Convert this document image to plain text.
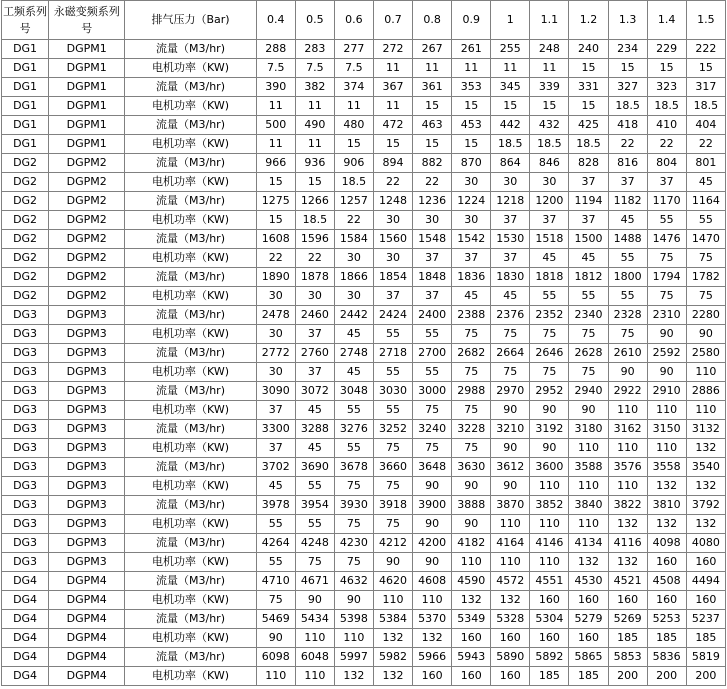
工频系列号	永磁变频系列号	排气压力（Bar)	0.4	0.5	0.6	0.7	0.8	0.9	1	1.1	1.2	1.3	1.4	1.5
DG1	DGPM1	流量（M3/hr)	288	283	277	272	267	261	255	248	240	234	229	222
DG1	DGPM1	电机功率（KW)	7.5	7.5	7.5	11	11	11	11	11	15	15	15	15
DG1	DGPM1	流量（M3/hr)	390	382	374	367	361	353	345	339	331	327	323	317
DG1	DGPM1	电机功率（KW)	11	11	11	11	15	15	15	15	15	18.5	18.5	18.5
DG1	DGPM1	流量（M3/hr)	500	490	480	472	463	453	442	432	425	418	410	404
DG1	DGPM1	电机功率（KW)	11	11	15	15	15	15	18.5	18.5	18.5	22	22	22
DG2	DGPM2	流量（M3/hr)	966	936	906	894	882	870	864	846	828	816	804	801
DG2	DGPM2	电机功率（KW)	15	15	18.5	22	22	30	30	30	37	37	37	45
DG2	DGPM2	流量（M3/hr)	1275	1266	1257	1248	1236	1224	1218	1200	1194	1182	1170	1164
DG2	DGPM2	电机功率（KW)	15	18.5	22	30	30	30	37	37	37	45	55	55
DG2	DGPM2	流量（M3/hr)	1608	1596	1584	1560	1548	1542	1530	1518	1500	1488	1476	1470
DG2	DGPM2	电机功率（KW)	22	22	30	30	37	37	37	45	45	55	75	75
DG2	DGPM2	流量（M3/hr)	1890	1878	1866	1854	1848	1836	1830	1818	1812	1800	1794	1782
DG2	DGPM2	电机功率（KW)	30	30	30	37	37	45	45	55	55	55	75	75
DG3	DGPM3	流量（M3/hr)	2478	2460	2442	2424	2400	2388	2376	2352	2340	2328	2310	2280
DG3	DGPM3	电机功率（KW)	30	37	45	55	55	75	75	75	75	75	90	90
DG3	DGPM3	流量（M3/hr)	2772	2760	2748	2718	2700	2682	2664	2646	2628	2610	2592	2580
DG3	DGPM3	电机功率（KW)	30	37	45	55	55	75	75	75	75	90	90	110
DG3	DGPM3	流量（M3/hr)	3090	3072	3048	3030	3000	2988	2970	2952	2940	2922	2910	2886
DG3	DGPM3	电机功率（KW)	37	45	55	55	75	75	90	90	90	110	110	110
DG3	DGPM3	流量（M3/hr)	3300	3288	3276	3252	3240	3228	3210	3192	3180	3162	3150	3132
DG3	DGPM3	电机功率（KW)	37	45	55	75	75	75	90	90	110	110	110	132
DG3	DGPM3	流量（M3/hr)	3702	3690	3678	3660	3648	3630	3612	3600	3588	3576	3558	3540
DG3	DGPM3	电机功率（KW)	45	55	75	75	90	90	90	110	110	110	132	132
DG3	DGPM3	流量（M3/hr)	3978	3954	3930	3918	3900	3888	3870	3852	3840	3822	3810	3792
DG3	DGPM3	电机功率（KW)	55	55	75	75	90	90	110	110	110	132	132	132
DG3	DGPM3	流量（M3/hr)	4264	4248	4230	4212	4200	4182	4164	4146	4134	4116	4098	4080
DG3	DGPM3	电机功率（KW)	55	75	75	90	90	110	110	110	132	132	160	160
DG4	DGPM4	流量（M3/hr)	4710	4671	4632	4620	4608	4590	4572	4551	4530	4521	4508	4494
DG4	DGPM4	电机功率（KW)	75	90	90	110	110	132	132	160	160	160	160	160
DG4	DGPM4	流量（M3/hr)	5469	5434	5398	5384	5370	5349	5328	5304	5279	5269	5253	5237
DG4	DGPM4	电机功率（KW)	90	110	110	132	132	160	160	160	160	185	185	185
DG4	DGPM4	流量（M3/hr)	6098	6048	5997	5982	5966	5943	5890	5892	5865	5853	5836	5819
DG4	DGPM4	电机功率（KW)	110	110	132	132	160	160	160	185	185	200	200	200
